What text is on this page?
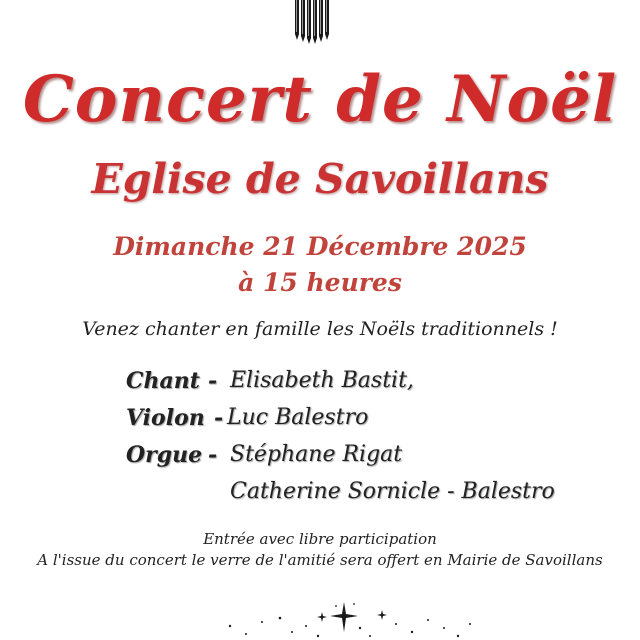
Concert de Noël
Eglise de Savoillans
Dimanche 21 Décembre 2025
à 15 heures
Venez chanter en famille les Noëls traditionnels !
Chant - Elisabeth Bastit,
Violon - Luc Balestro
Orgue - Stéphane Rigat
Catherine Sornicle - Balestro
Entrée avec libre participation
A l'issue du concert le verre de l'amitié sera offert en Mairie de Savoillans
